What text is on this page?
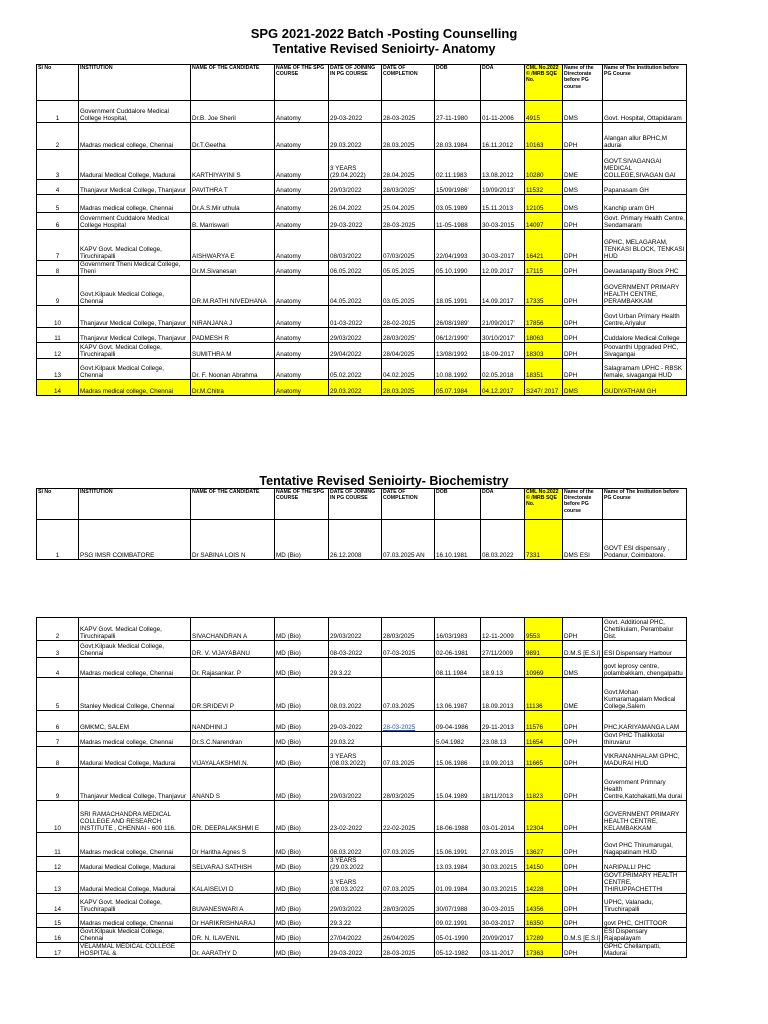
SPG 2021-2022 Batch -Posting Counselling
Tentative Revised Senioirty- Anatomy
Sl No	INSTITUTION	NAME OF THE CANDIDATE	NAME OF THE SPG COURSE	DATE OF JOINING IN PG COURSE	DATE OF COMPLETION	DOB	DOA	CML No.2022 © /MRB SQE No.	Name of the Directorate before PG course	Name of The Institution before PG Course
1	Government Cuddalore Medical College Hospital,	Dr.B. Joe Sheril	Anatomy	29-03-2022	28-03-2025	27-11-1980	01-11-2006	4915	DMS	Govt. Hospital, Ottapidaram
2	Madras medical college, Chennai	Dr.T.Geetha	Anatomy	29.03.2022	28.03.2025	28.03.1984	16.11.2012	10163	DPH	Alangan allur BPHC,M adurai
3	Madurai Medical College, Madurai	KARTHIYAYINI S	Anatomy	3 YEARS (29.04.2022)	28.04.2025	02.11.1983	13.08.2012	10280	DME	GOVT.SIVAGANGAI MEDICAL COLLEGE,SIVAGAN GAI
4	Thanjavur Medical College, Thanjavur	PAVITHRA T	Anatomy	29/03/2022	28/03/2025'	15/09/1986'	19/09/2013'	11532	DMS	Papanasam GH
5	Madras medical college, Chennai	Dr.A.S.Mir uthula	Anatomy	26.04.2022	25.04.2025	03.05.1989	15.11.2013	12105	DMS	Kanchip uram GH
6	Government Cuddalore Medical College Hospital	B. Marriswari	Anatomy	29-03-2022	28-03-2025	11-05-1988	30-03-2015	14097	DPH	Govt. Primary Health Centre, Sendamaram
7	KAPV Govt. Medical College, Tiruchirapalli	AISHWARYA E	Anatomy	08/03/2022	07/03/2025	22/04/1993	30-03-2017	16421	DPH	GPHC, MELAGARAM, TENKASI BLOCK, TENKASI HUD
8	Government Theni Medical College, Theni	Dr.M.Sivanesan	Anatomy	06.05.2022	05.05.2025	05.10.1990	12.09.2017	17115	DPH	Devadanapatty Block PHC
9	Govt.Kilpauk Medical College, Chennai	DR.M.RATHI NIVEDHANA	Anatomy	04.05.2022	03.05.2025	18.05.1991	14.09.2017	17335	DPH	GOVERNMENT PRIMARY HEALTH CENTRE, PERAMBAKKAM
10	Thanjavur Medical College, Thanjavur	NIRANJANA J	Anatomy	01-03-2022	28-02-2025	26/08/1989'	21/09/2017'	17856	DPH	Govt Urban Primary Health Centre,Ariyalur
11	Thanjavur Medical College, Thanjavur	PADMESH R	Anatomy	29/03/2022	28/03/2025'	06/12/1990'	30/10/2017'	18063	DPH	Cuddalore Medical College
12	KAPV Govt. Medical College, Tiruchirapalli	SUMITHRA M	Anatomy	29/04/2022	28/04/2025	13/08/1992	18-09-2017	18303	DPH	Poovanthi Upgraded PHC, Sivagangai
13	Govt.Kilpauk Medical College, Chennai	Dr. F. Noonan Abrahma	Anatomy	05.02.2022	04.02.2025	10.08.1992	02.05.2018	18351	DPH	Salagramam UPHC - RBSK female, sivagangai HUD
14	Madras medical college, Chennai	Dr.M.Chitra	Anatomy	29.03.2022	28.03.2025	05.07.1984	04.12.2017	S247/ 2017	DMS	GUDIYATHAM GH
Tentative Revised Senioirty- Biochemistry
Sl No	INSTITUTION	NAME OF THE CANDIDATE	NAME OF THE SPG COURSE	DATE OF JOINING IN PG COURSE	DATE OF COMPLETION	DOB	DOA	CML No.2022 © /MRB SQE No.	Name of the Directorate before PG course	Name of The Institution before PG Course
1	PSG IMSR COIMBATORE	Dr SABINA LOIS N	MD (Bio)	26.12.2008	07.03.2025 AN	16.10.1981	08.03.2022	7331	DMS ESI	GOVT ESI dispensary , Podanur, Coimbatore.
2	KAPV Govt. Medical College, Tiruchirapalli	SIVACHANDRAN A	MD (Bio)	29/03/2022	28/03/2025	16/03/1983	12-11-2009	9553	DPH	Govt. Additional PHC, Chettikulam, Perambalur Dist.
3	Govt.Kilpauk Medical College, Chennai	DR. V. VIJAYABANU	MD (Bio)	08-03-2022	07-03-2025	02-06-1981	27/11/2009	9891	D.M.S [E.S.I]	ESI Dispensary Harbour
4	Madras medical college, Chennai	Dr. Rajasankar. P	MD (Bio)	29.3.22		08.11.1984	18.9.13	10969	DMS	govt leprosy centre, polambakkam, chengalpattu
5	Stanley Medical College, Chennai	DR.SRIDEVI P	MD (Bio)	08.03.2022	07.03.2025	13.06.1987	18.09.2013	11136	DME	Govt.Mohan Kumaramagalam Medical College,Salem
6	GMKMC, SALEM	NANDHINI.J	MD (Bio)	29-03-2022	28-03-2025	09-04-1986	29-11-2013	11576	DPH	PHC,KARIYAMANGA LAM
7	Madras medical college, Chennai	Dr.S.C.Narendran	MD (Bio)	29.03.22		5.04.1982	23.08.13	11654	DPH	Govt PHC Thalikkotai thiruvarur
8	Madurai Medical College, Madurai	VIJAYALAKSHMI.N.	MD (Bio)	3 YEARS (08.03.2022)	07.03.2025	15.06.1986	19.09.2013	11665	DPH	VIKRANANHALAM GPHC, MADURAI HUD
9	Thanjavur Medical College, Thanjavur	ANAND S	MD (Bio)	29/03/2022	28/03/2025	15.04.1989	18/11/2013	11823	DPH	Government Primnary Health Centre,Katchakatti,Ma durai
10	SRI RAMACHANDRA MEDICAL COLLEGE AND RESEARCH INSTITUTE , CHENNAI - 600 116.	DR. DEEPALAKSHMI E	MD (Bio)	23-02-2022	22-02-2025	18-06-1988	03-01-2014	12304	DPH	GOVERNMENT PRIMARY HEALTH CENTRE, KELAMBAKKAM
11	Madras medical college, Chennai	Dr Haritha Agnes S	MD (Bio)	08.03.2022	07.03.2025	15.06.1991	27.03.2015	13627	DPH	Govt PHC Thirumarugal, Nagapatinam HUD
12	Madurai Medical College, Madurai	SELVARAJ SATHISH	MD (Bio)	3 YEARS (29.03.2022		13.03.1984	30.03.20215	14150	DPH	NARIPALLI PHC
13	Madurai Medical College, Madurai	KALAISELVI D	MD (Bio)	3 YEARS (08.03.2022	07.03.2025	01.09.1984	30.03.20215	14228	DPH	GOVT.PRIMARY HEALTH CENTRE, THIRUPPACHETTHI
14	KAPV Govt. Medical College, Tiruchirapalli	BUVANESWARI A	MD (Bio)	29/03/2022	28/03/2025	30/07/1988	30-03-2015	14356	DPH	UPHC, Valanadu, Tiruchirapalli
15	Madras medical college, Chennai	Dr HARIKRISHNARAJ	MD (Bio)	29.3.22		09.02.1991	30-03-2017	16350	DPH	govt PHC, CHITTOOR
16	Govt.Kilpauk Medical College, Chennai	DR. N. ILAVENIL	MD (Bio)	27/04/2022	26/04/2025	05-01-1990	20/09/2017	17289	D.M.S [E.S.I]	ESI Dispensary Rajapalayam
17	VELAMMAL MEDICAL COLLEGE HOSPITAL &	Dr. AARATHY D	MD (Bio)	29-03-2022	28-03-2025	05-12-1982	03-11-2017	17363	DPH	GPHC Chellampatti, Madurai
